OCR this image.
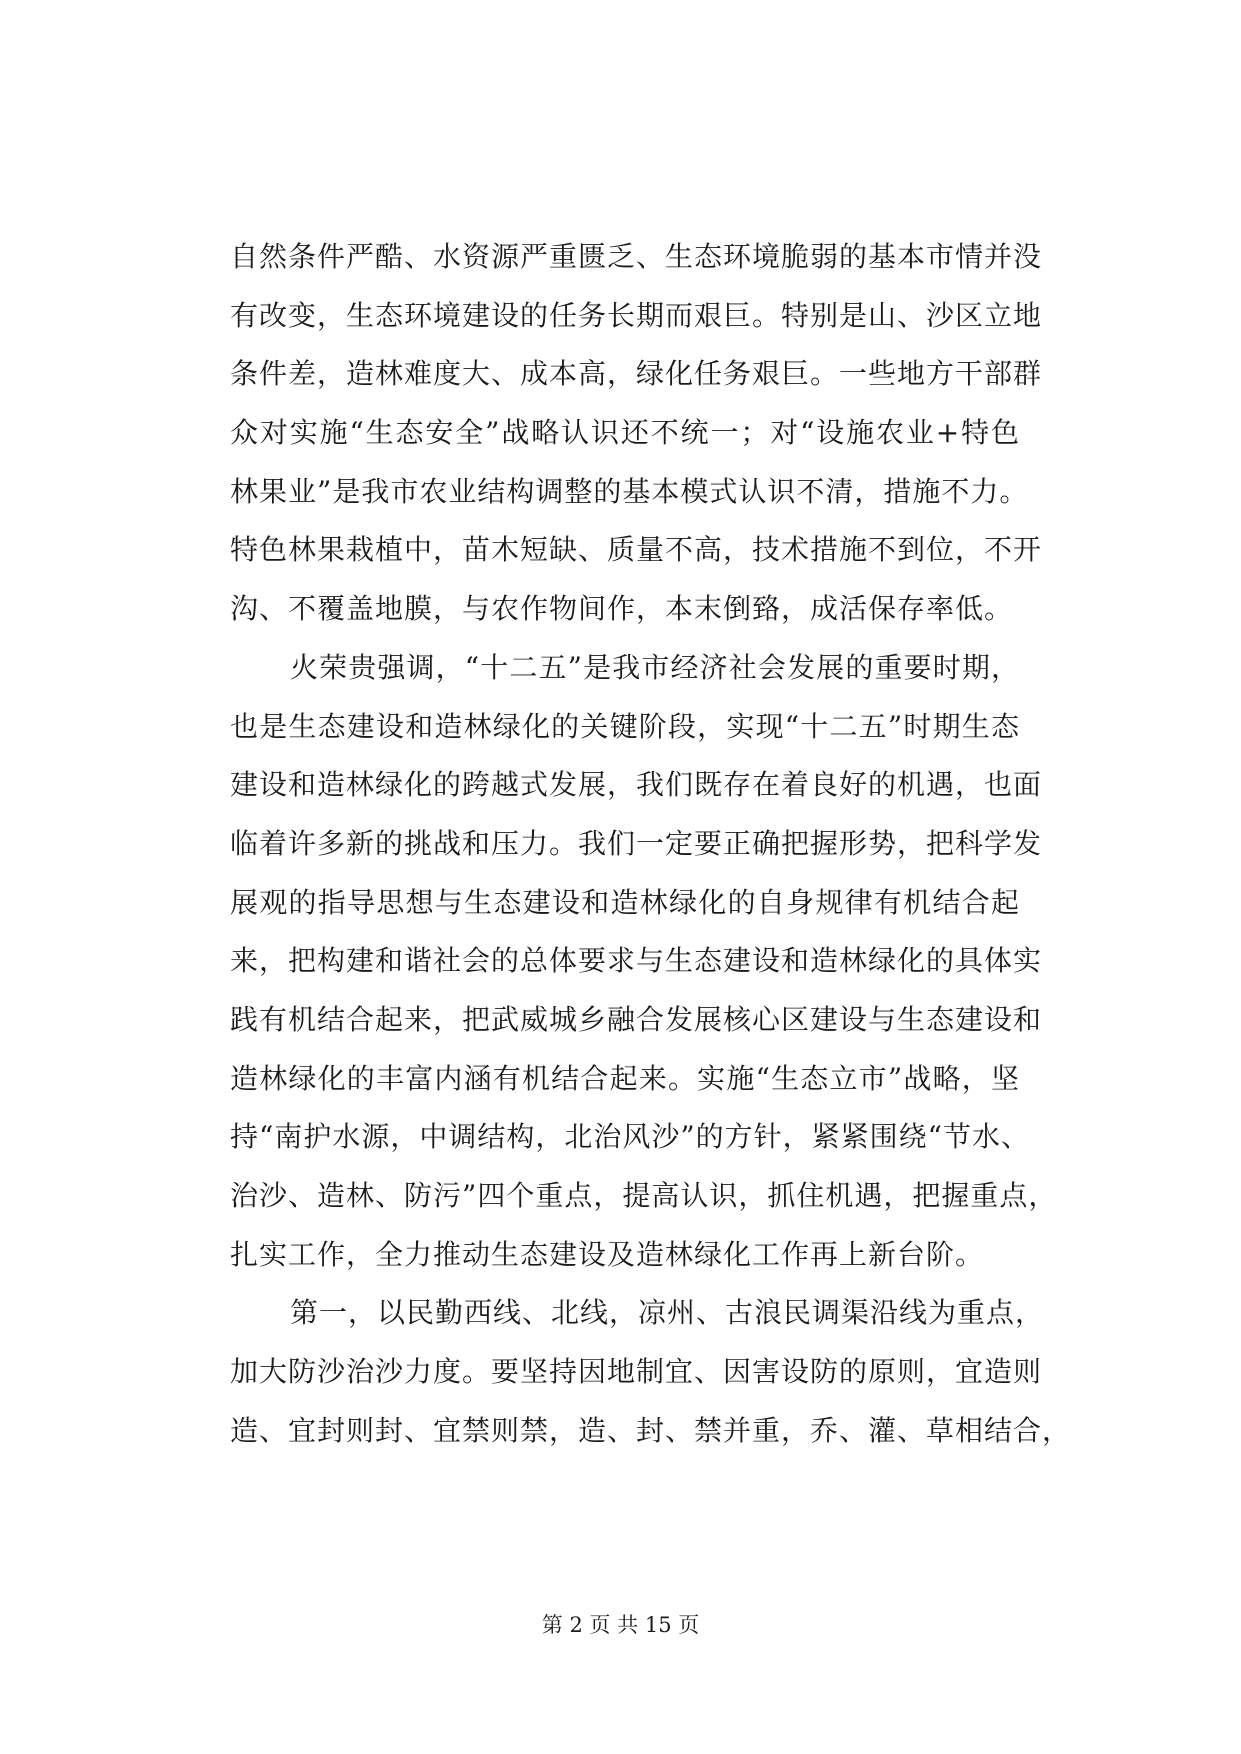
自然条件严酷、水资源严重匮乏、生态环境脆弱的基本市情并没
有改变，生态环境建设的任务长期而艰巨。特别是山、沙区立地
条件差，造林难度大、成本高，绿化任务艰巨。一些地方干部群
众对实施“生态安全”战略认识还不统一；对“设施农业+特色
林果业”是我市农业结构调整的基本模式认识不清，措施不力。
特色林果栽植中，苗木短缺、质量不高，技术措施不到位，不开
沟、不覆盖地膜，与农作物间作，本末倒臵，成活保存率低。
火荣贵强调，“十二五”是我市经济社会发展的重要时期，
也是生态建设和造林绿化的关键阶段，实现“十二五”时期生态
建设和造林绿化的跨越式发展，我们既存在着良好的机遇，也面
临着许多新的挑战和压力。我们一定要正确把握形势，把科学发
展观的指导思想与生态建设和造林绿化的自身规律有机结合起
来，把构建和谐社会的总体要求与生态建设和造林绿化的具体实
践有机结合起来，把武威城乡融合发展核心区建设与生态建设和
造林绿化的丰富内涵有机结合起来。实施“生态立市”战略，坚
持“南护水源，中调结构，北治风沙”的方针，紧紧围绕“节水、
治沙、造林、防污”四个重点，提高认识，抓住机遇，把握重点，
扎实工作，全力推动生态建设及造林绿化工作再上新台阶。
第一，以民勤西线、北线，凉州、古浪民调渠沿线为重点，
加大防沙治沙力度。要坚持因地制宜、因害设防的原则，宜造则
造、宜封则封、宜禁则禁，造、封、禁并重，乔、灌、草相结合，
第 2 页 共 15 页
